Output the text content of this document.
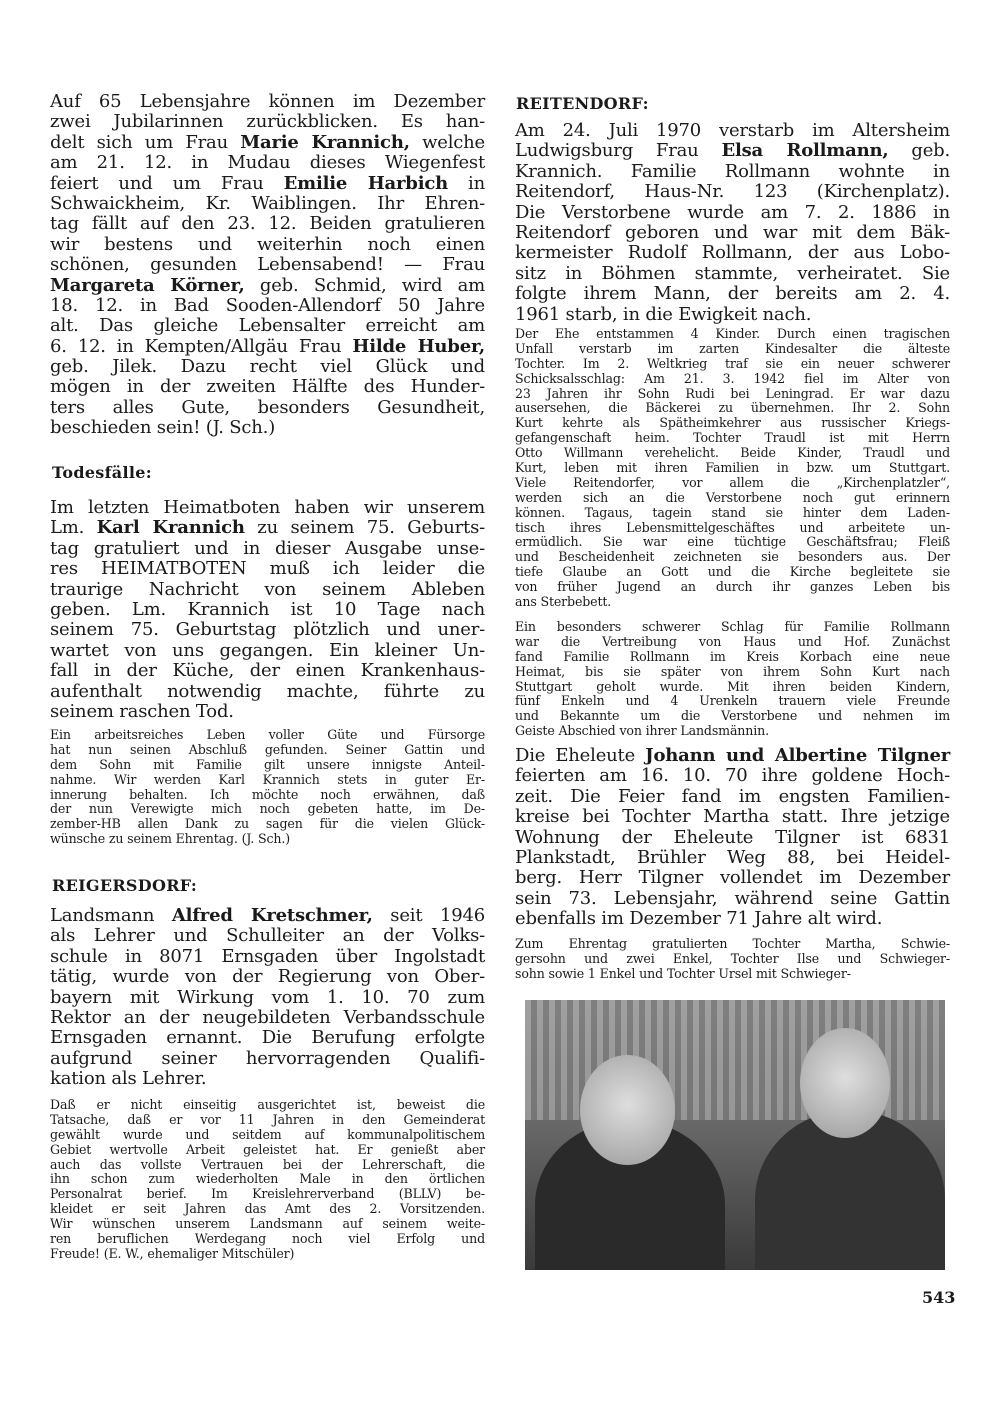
Auf 65 Lebensjahre können im Dezember
zwei Jubilarinnen zurückblicken. Es han-
delt sich um Frau Marie Krannich, welche
am 21. 12. in Mudau dieses Wiegenfest
feiert und um Frau Emilie Harbich in
Schwaickheim, Kr. Waiblingen. Ihr Ehren-
tag fällt auf den 23. 12. Beiden gratulieren
wir bestens und weiterhin noch einen
schönen, gesunden Lebensabend! — Frau
Margareta Körner, geb. Schmid, wird am
18. 12. in Bad Sooden-Allendorf 50 Jahre
alt. Das gleiche Lebensalter erreicht am
6. 12. in Kempten/Allgäu Frau Hilde Huber,
geb. Jilek. Dazu recht viel Glück und
mögen in der zweiten Hälfte des Hunder-
ters alles Gute, besonders Gesundheit,
beschieden sein! (J. Sch.)
Todesfälle:
Im letzten Heimatboten haben wir unserem
Lm. Karl Krannich zu seinem 75. Geburts-
tag gratuliert und in dieser Ausgabe unse-
res HEIMATBOTEN muß ich leider die
traurige Nachricht von seinem Ableben
geben. Lm. Krannich ist 10 Tage nach
seinem 75. Geburtstag plötzlich und uner-
wartet von uns gegangen. Ein kleiner Un-
fall in der Küche, der einen Krankenhaus-
aufenthalt notwendig machte, führte zu
seinem raschen Tod.
Ein arbeitsreiches Leben voller Güte und Fürsorge
hat nun seinen Abschluß gefunden. Seiner Gattin und
dem Sohn mit Familie gilt unsere innigste Anteil-
nahme. Wir werden Karl Krannich stets in guter Er-
innerung behalten. Ich möchte noch erwähnen, daß
der nun Verewigte mich noch gebeten hatte, im De-
zember-HB allen Dank zu sagen für die vielen Glück-
wünsche zu seinem Ehrentag. (J. Sch.)
REIGERSDORF:
Landsmann Alfred Kretschmer, seit 1946
als Lehrer und Schulleiter an der Volks-
schule in 8071 Ernsgaden über Ingolstadt
tätig, wurde von der Regierung von Ober-
bayern mit Wirkung vom 1. 10. 70 zum
Rektor an der neugebildeten Verbandsschule
Ernsgaden ernannt. Die Berufung erfolgte
aufgrund seiner hervorragenden Qualifi-
kation als Lehrer.
Daß er nicht einseitig ausgerichtet ist, beweist die
Tatsache, daß er vor 11 Jahren in den Gemeinderat
gewählt wurde und seitdem auf kommunalpolitischem
Gebiet wertvolle Arbeit geleistet hat. Er genießt aber
auch das vollste Vertrauen bei der Lehrerschaft, die
ihn schon zum wiederholten Male in den örtlichen
Personalrat berief. Im Kreislehrerverband (BLLV) be-
kleidet er seit Jahren das Amt des 2. Vorsitzenden.
Wir wünschen unserem Landsmann auf seinem weite-
ren beruflichen Werdegang noch viel Erfolg und
Freude! (E. W., ehemaliger Mitschüler)
REITENDORF:
Am 24. Juli 1970 verstarb im Altersheim
Ludwigsburg Frau Elsa Rollmann, geb.
Krannich. Familie Rollmann wohnte in
Reitendorf, Haus-Nr. 123 (Kirchenplatz).
Die Verstorbene wurde am 7. 2. 1886 in
Reitendorf geboren und war mit dem Bäk-
kermeister Rudolf Rollmann, der aus Lobo-
sitz in Böhmen stammte, verheiratet. Sie
folgte ihrem Mann, der bereits am 2. 4.
1961 starb, in die Ewigkeit nach.
Der Ehe entstammen 4 Kinder. Durch einen tragischen
Unfall verstarb im zarten Kindesalter die älteste
Tochter. Im 2. Weltkrieg traf sie ein neuer schwerer
Schicksalsschlag: Am 21. 3. 1942 fiel im Alter von
23 Jahren ihr Sohn Rudi bei Leningrad. Er war dazu
ausersehen, die Bäckerei zu übernehmen. Ihr 2. Sohn
Kurt kehrte als Spätheimkehrer aus russischer Kriegs-
gefangenschaft heim. Tochter Traudl ist mit Herrn
Otto Willmann verehelicht. Beide Kinder, Traudl und
Kurt, leben mit ihren Familien in bzw. um Stuttgart.
Viele Reitendorfer, vor allem die „Kirchenplatzler“,
werden sich an die Verstorbene noch gut erinnern
können. Tagaus, tagein stand sie hinter dem Laden-
tisch ihres Lebensmittelgeschäftes und arbeitete un-
ermüdlich. Sie war eine tüchtige Geschäftsfrau; Fleiß
und Bescheidenheit zeichneten sie besonders aus. Der
tiefe Glaube an Gott und die Kirche begleitete sie
von früher Jugend an durch ihr ganzes Leben bis
ans Sterbebett.
Ein besonders schwerer Schlag für Familie Rollmann
war die Vertreibung von Haus und Hof. Zunächst
fand Familie Rollmann im Kreis Korbach eine neue
Heimat, bis sie später von ihrem Sohn Kurt nach
Stuttgart geholt wurde. Mit ihren beiden Kindern,
fünf Enkeln und 4 Urenkeln trauern viele Freunde
und Bekannte um die Verstorbene und nehmen im
Geiste Abschied von ihrer Landsmännin.
Die Eheleute Johann und Albertine Tilgner
feierten am 16. 10. 70 ihre goldene Hoch-
zeit. Die Feier fand im engsten Familien-
kreise bei Tochter Martha statt. Ihre jetzige
Wohnung der Eheleute Tilgner ist 6831
Plankstadt, Brühler Weg 88, bei Heidel-
berg. Herr Tilgner vollendet im Dezember
sein 73. Lebensjahr, während seine Gattin
ebenfalls im Dezember 71 Jahre alt wird.
Zum Ehrentag gratulierten Tochter Martha, Schwie-
gersohn und zwei Enkel, Tochter Ilse und Schwieger-
sohn sowie 1 Enkel und Tochter Ursel mit Schwieger-
543
